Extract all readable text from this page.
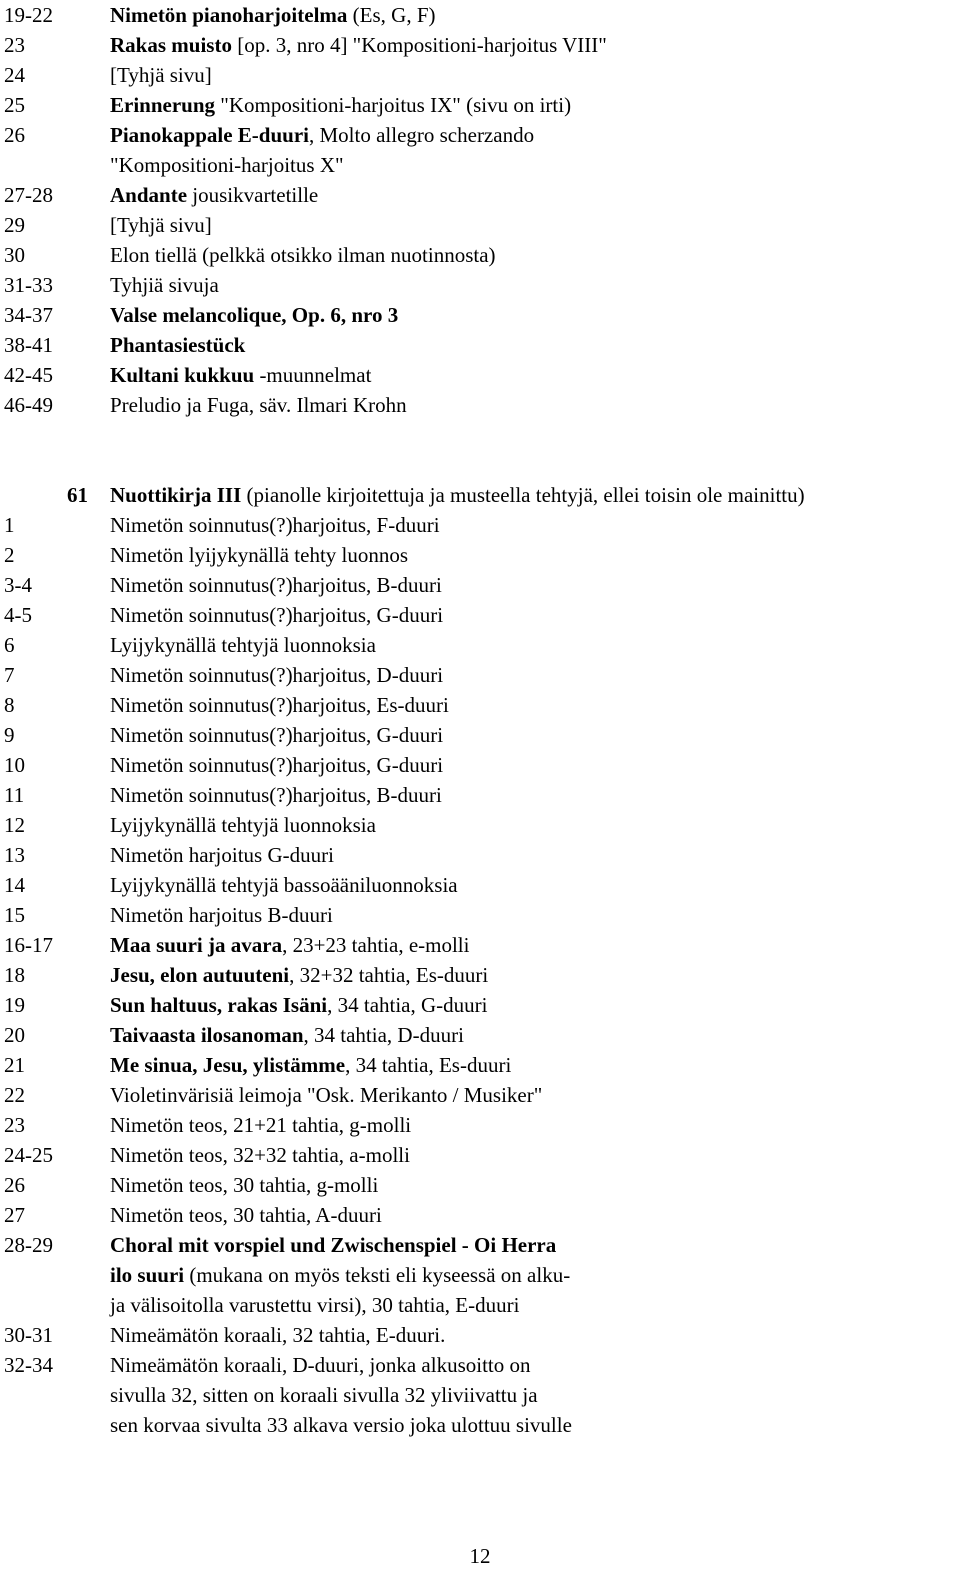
19-22	Nimetön pianoharjoitelma (Es, G, F)
23	Rakas muisto [op. 3, nro 4] "Kompositioni-harjoitus VIII"
24	[Tyhjä sivu]
25	Erinnerung "Kompositioni-harjoitus IX" (sivu on irti)
26	Pianokappale E-duuri, Molto allegro scherzando
"Kompositioni-harjoitus X"
27-28	Andante jousikvartetille
29	[Tyhjä sivu]
30	Elon tiellä (pelkkä otsikko ilman nuotinnosta)
31-33	Tyhjiä sivuja
34-37	Valse melancolique, Op. 6, nro 3
38-41	Phantasiestück
42-45	Kultani kukkuu -muunnelmat
46-49	Preludio ja Fuga, säv. Ilmari Krohn
61	Nuottikirja III (pianolle kirjoitettuja ja musteella tehtyjä, ellei toisin ole mainittu)
1	Nimetön soinnutus(?)harjoitus, F-duuri
2	Nimetön lyijykynällä tehty luonnos
3-4	Nimetön soinnutus(?)harjoitus, B-duuri
4-5	Nimetön soinnutus(?)harjoitus, G-duuri
6	Lyijykynällä tehtyjä luonnoksia
7	Nimetön soinnutus(?)harjoitus, D-duuri
8	Nimetön soinnutus(?)harjoitus, Es-duuri
9	Nimetön soinnutus(?)harjoitus, G-duuri
10	Nimetön soinnutus(?)harjoitus, G-duuri
11	Nimetön soinnutus(?)harjoitus, B-duuri
12	Lyijykynällä tehtyjä luonnoksia
13	Nimetön harjoitus G-duuri
14	Lyijykynällä tehtyjä bassoääniluonnoksia
15	Nimetön harjoitus B-duuri
16-17	Maa suuri ja avara, 23+23 tahtia, e-molli
18	Jesu, elon autuuteni, 32+32 tahtia, Es-duuri
19	Sun haltuus, rakas Isäni, 34 tahtia, G-duuri
20	Taivaasta ilosanoman, 34 tahtia, D-duuri
21	Me sinua, Jesu, ylistämme, 34 tahtia, Es-duuri
22	Violetinvärisiä leimoja "Osk. Merikanto / Musiker"
23	Nimetön teos, 21+21 tahtia, g-molli
24-25	Nimetön teos, 32+32 tahtia, a-molli
26	Nimetön teos, 30 tahtia, g-molli
27	Nimetön teos, 30 tahtia, A-duuri
28-29	Choral mit vorspiel und Zwischenspiel - Oi Herra
ilo suuri (mukana on myös teksti eli kyseessä on alku-
ja välisoitolla varustettu virsi), 30 tahtia, E-duuri
30-31	Nimeämätön koraali, 32 tahtia, E-duuri.
32-34	Nimeämätön koraali, D-duuri, jonka alkusoitto on
sivulla 32, sitten on koraali sivulla 32 yliviivattu ja
sen korvaa sivulta 33 alkava versio joka ulottuu sivulle
12
